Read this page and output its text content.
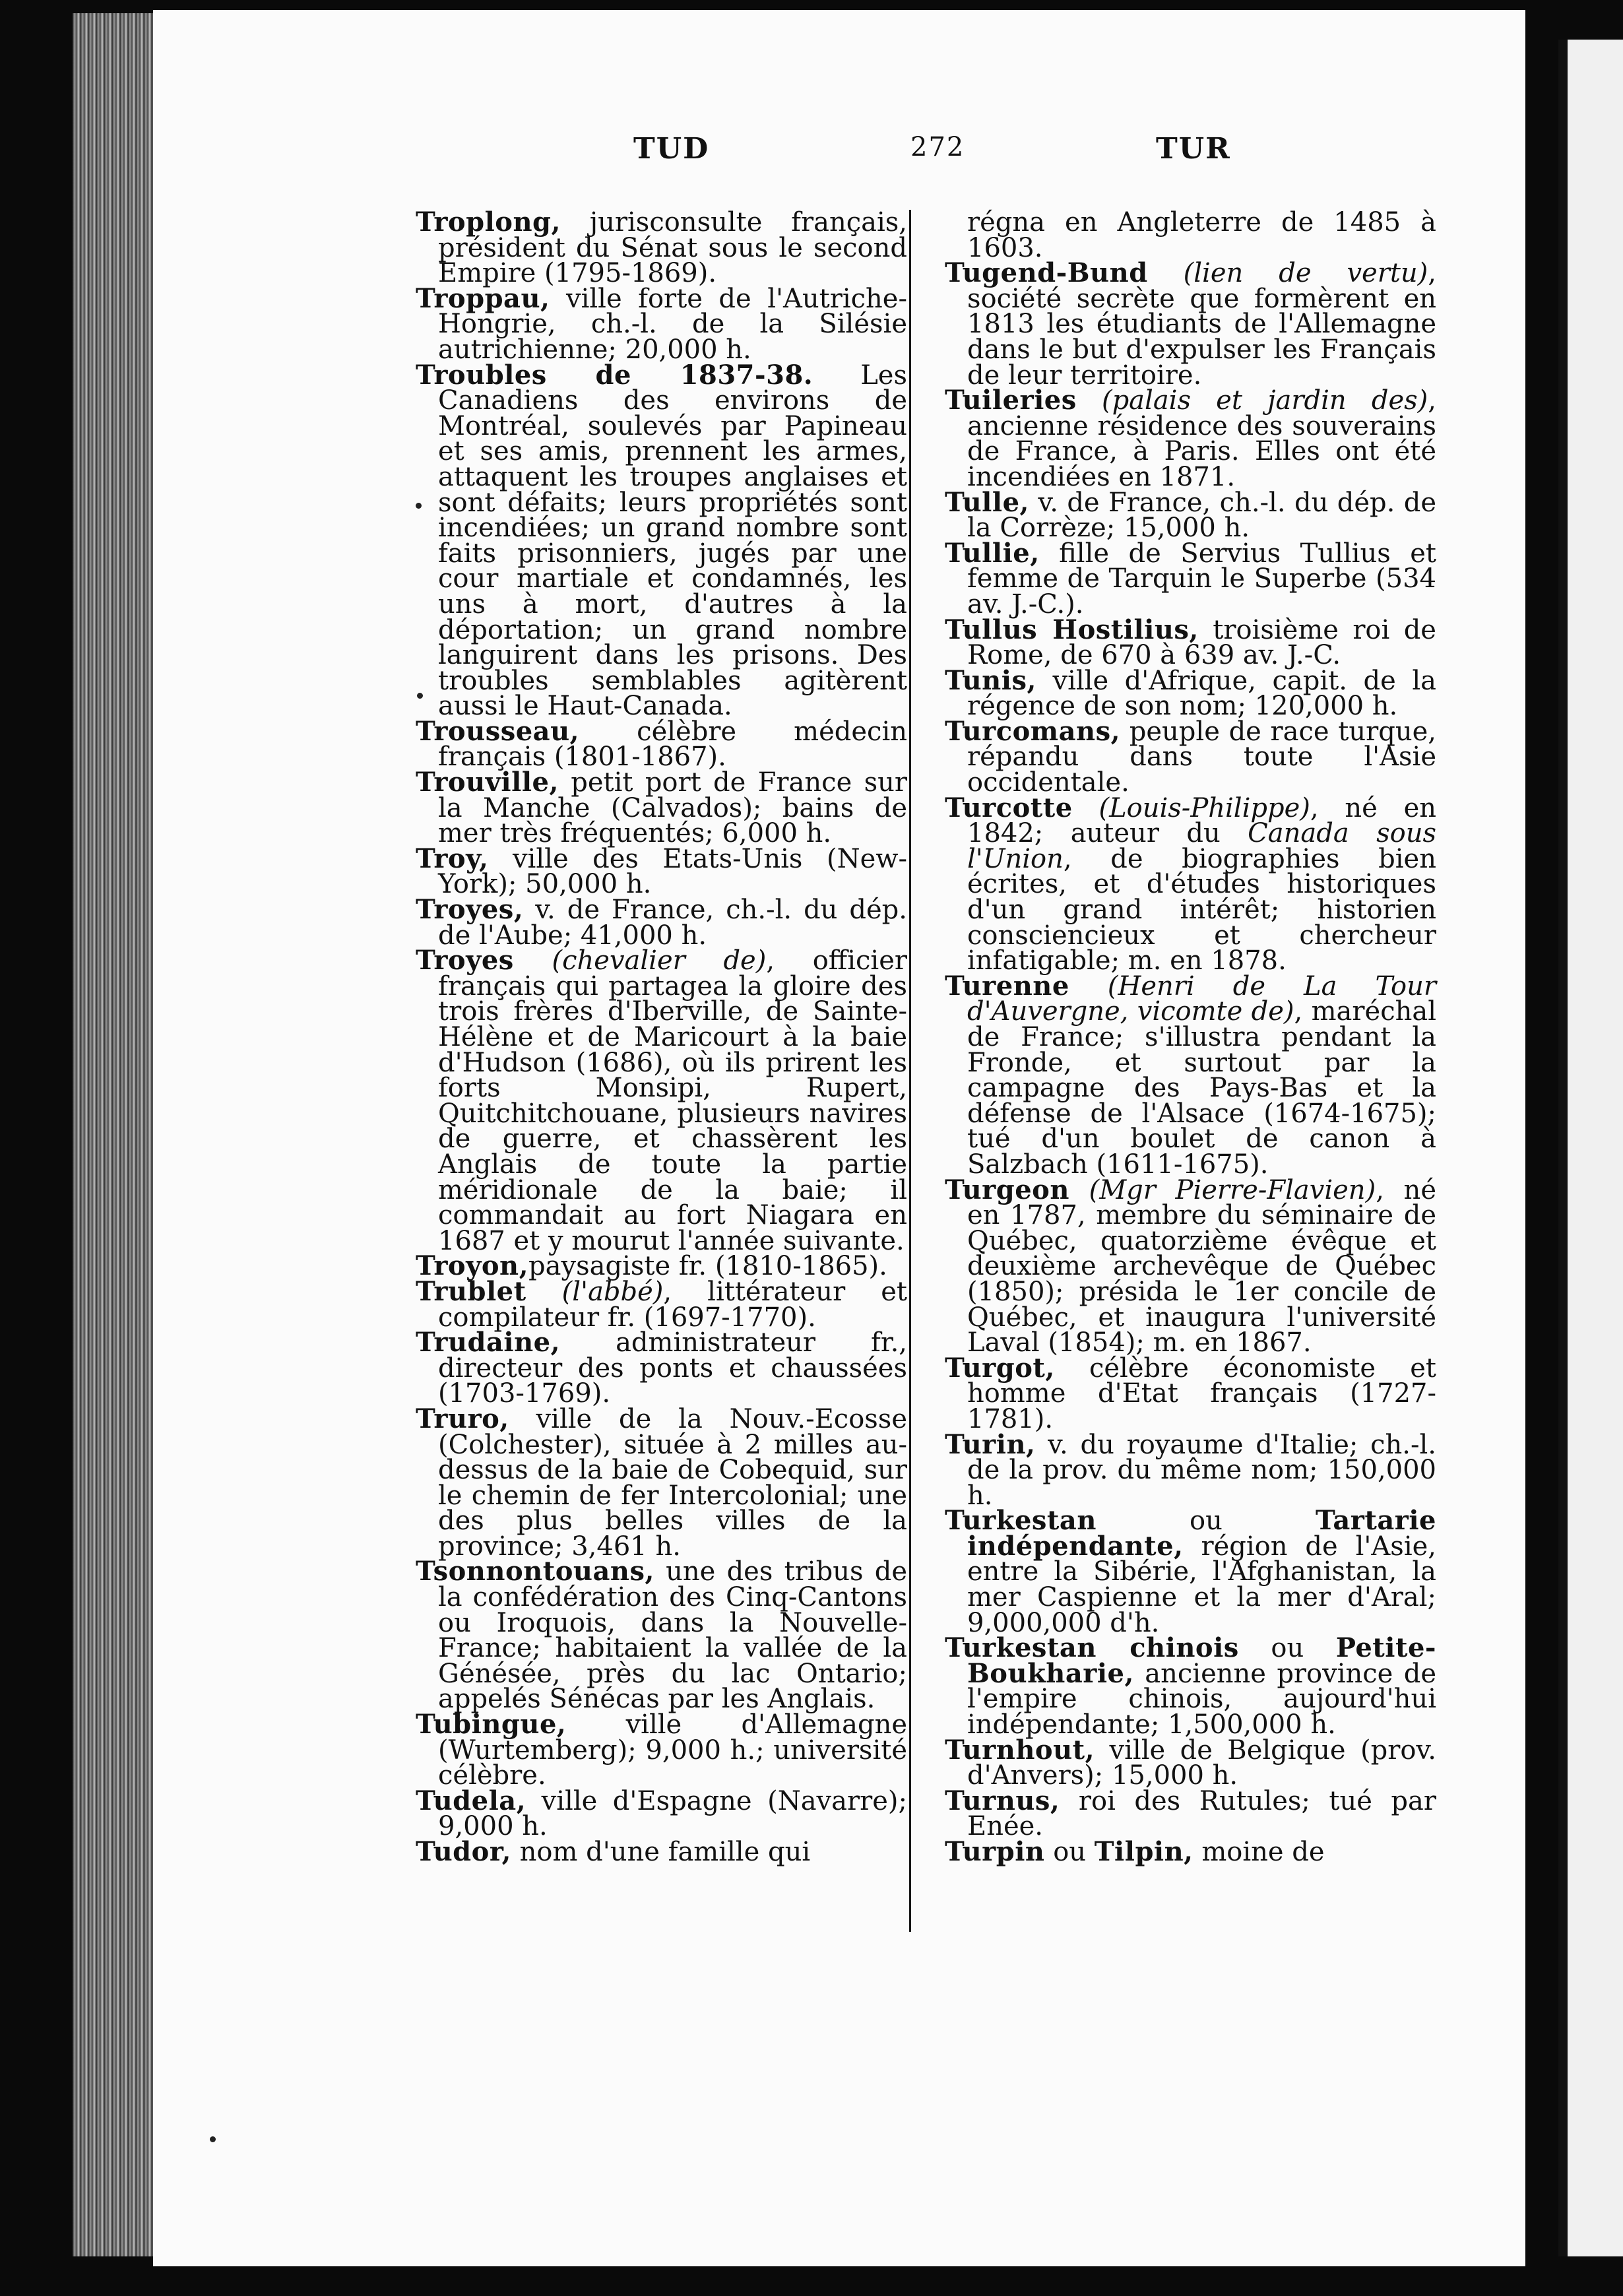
TUD	272	TUR

Troplong, jurisconsulte français, président du Sénat sous le second Empire (1795-1869).

Troppau, ville forte de l'Autriche-Hongrie, ch.-l. de la Silésie autrichienne; 20,000 h.

Troubles de 1837-38. Les Canadiens des environs de Montréal, soulevés par Papineau et ses amis, prennent les armes, attaquent les troupes anglaises et sont défaits; leurs propriétés sont incendiées; un grand nombre sont faits prisonniers, jugés par une cour martiale et condamnés, les uns à mort, d'autres à la déportation; un grand nombre languirent dans les prisons. Des troubles semblables agitèrent aussi le Haut-Canada.

Trousseau, célèbre médecin français (1801-1867).

Trouville, petit port de France sur la Manche (Calvados); bains de mer très fréquentés; 6,000 h.

Troy, ville des Etats-Unis (New-York); 50,000 h.

Troyes, v. de France, ch.-l. du dép. de l'Aube; 41,000 h.

Troyes (chevalier de), officier français qui partagea la gloire des trois frères d'Iberville, de Sainte-Hélène et de Maricourt à la baie d'Hudson (1686), où ils prirent les forts Monsipi, Rupert, Quitchitchouane, plusieurs navires de guerre, et chassèrent les Anglais de toute la partie méridionale de la baie; il commandait au fort Niagara en 1687 et y mourut l'année suivante.

Troyon,paysagiste fr. (1810-1865).

Trublet (l'abbé), littérateur et compilateur fr. (1697-1770).

Trudaine, administrateur fr., directeur des ponts et chaussées (1703-1769).

Truro, ville de la Nouv.-Ecosse (Colchester), située à 2 milles au-dessus de la baie de Cobequid, sur le chemin de fer Intercolonial; une des plus belles villes de la province; 3,461 h.

Tsonnontouans, une des tribus de la confédération des Cinq-Cantons ou Iroquois, dans la Nouvelle-France; habitaient la vallée de la Génésée, près du lac Ontario; appelés Sénécas par les Anglais.

Tubingue, ville d'Allemagne (Wurtemberg); 9,000 h.; université célèbre.

Tudela, ville d'Espagne (Navarre); 9,000 h.

Tudor, nom d'une famille qui

régna en Angleterre de 1485 à 1603.

Tugend-Bund (lien de vertu), société secrète que formèrent en 1813 les étudiants de l'Allemagne dans le but d'expulser les Français de leur territoire.

Tuileries (palais et jardin des), ancienne résidence des souverains de France, à Paris. Elles ont été incendiées en 1871.

Tulle, v. de France, ch.-l. du dép. de la Corrèze; 15,000 h.

Tullie, fille de Servius Tullius et femme de Tarquin le Superbe (534 av. J.-C.).

Tullus Hostilius, troisième roi de Rome, de 670 à 639 av. J.-C.

Tunis, ville d'Afrique, capit. de la régence de son nom; 120,000 h.

Turcomans, peuple de race turque, répandu dans toute l'Asie occidentale.

Turcotte (Louis-Philippe), né en 1842; auteur du Canada sous l'Union, de biographies bien écrites, et d'études historiques d'un grand intérêt; historien consciencieux et chercheur infatigable; m. en 1878.

Turenne (Henri de La Tour d'Auvergne, vicomte de), maréchal de France; s'illustra pendant la Fronde, et surtout par la campagne des Pays-Bas et la défense de l'Alsace (1674-1675); tué d'un boulet de canon à Salzbach (1611-1675).

Turgeon (Mgr Pierre-Flavien), né en 1787, membre du séminaire de Québec, quatorzième évêque et deuxième archevêque de Québec (1850); présida le 1er concile de Québec, et inaugura l'université Laval (1854); m. en 1867.

Turgot, célèbre économiste et homme d'Etat français (1727-1781).

Turin, v. du royaume d'Italie; ch.-l. de la prov. du même nom; 150,000 h.

Turkestan ou Tartarie indépendante, région de l'Asie, entre la Sibérie, l'Afghanistan, la mer Caspienne et la mer d'Aral; 9,000,000 d'h.

Turkestan chinois ou Petite-Boukharie, ancienne province de l'empire chinois, aujourd'hui indépendante; 1,500,000 h.

Turnhout, ville de Belgique (prov. d'Anvers); 15,000 h.

Turnus, roi des Rutules; tué par Enée.

Turpin ou Tilpin, moine de
